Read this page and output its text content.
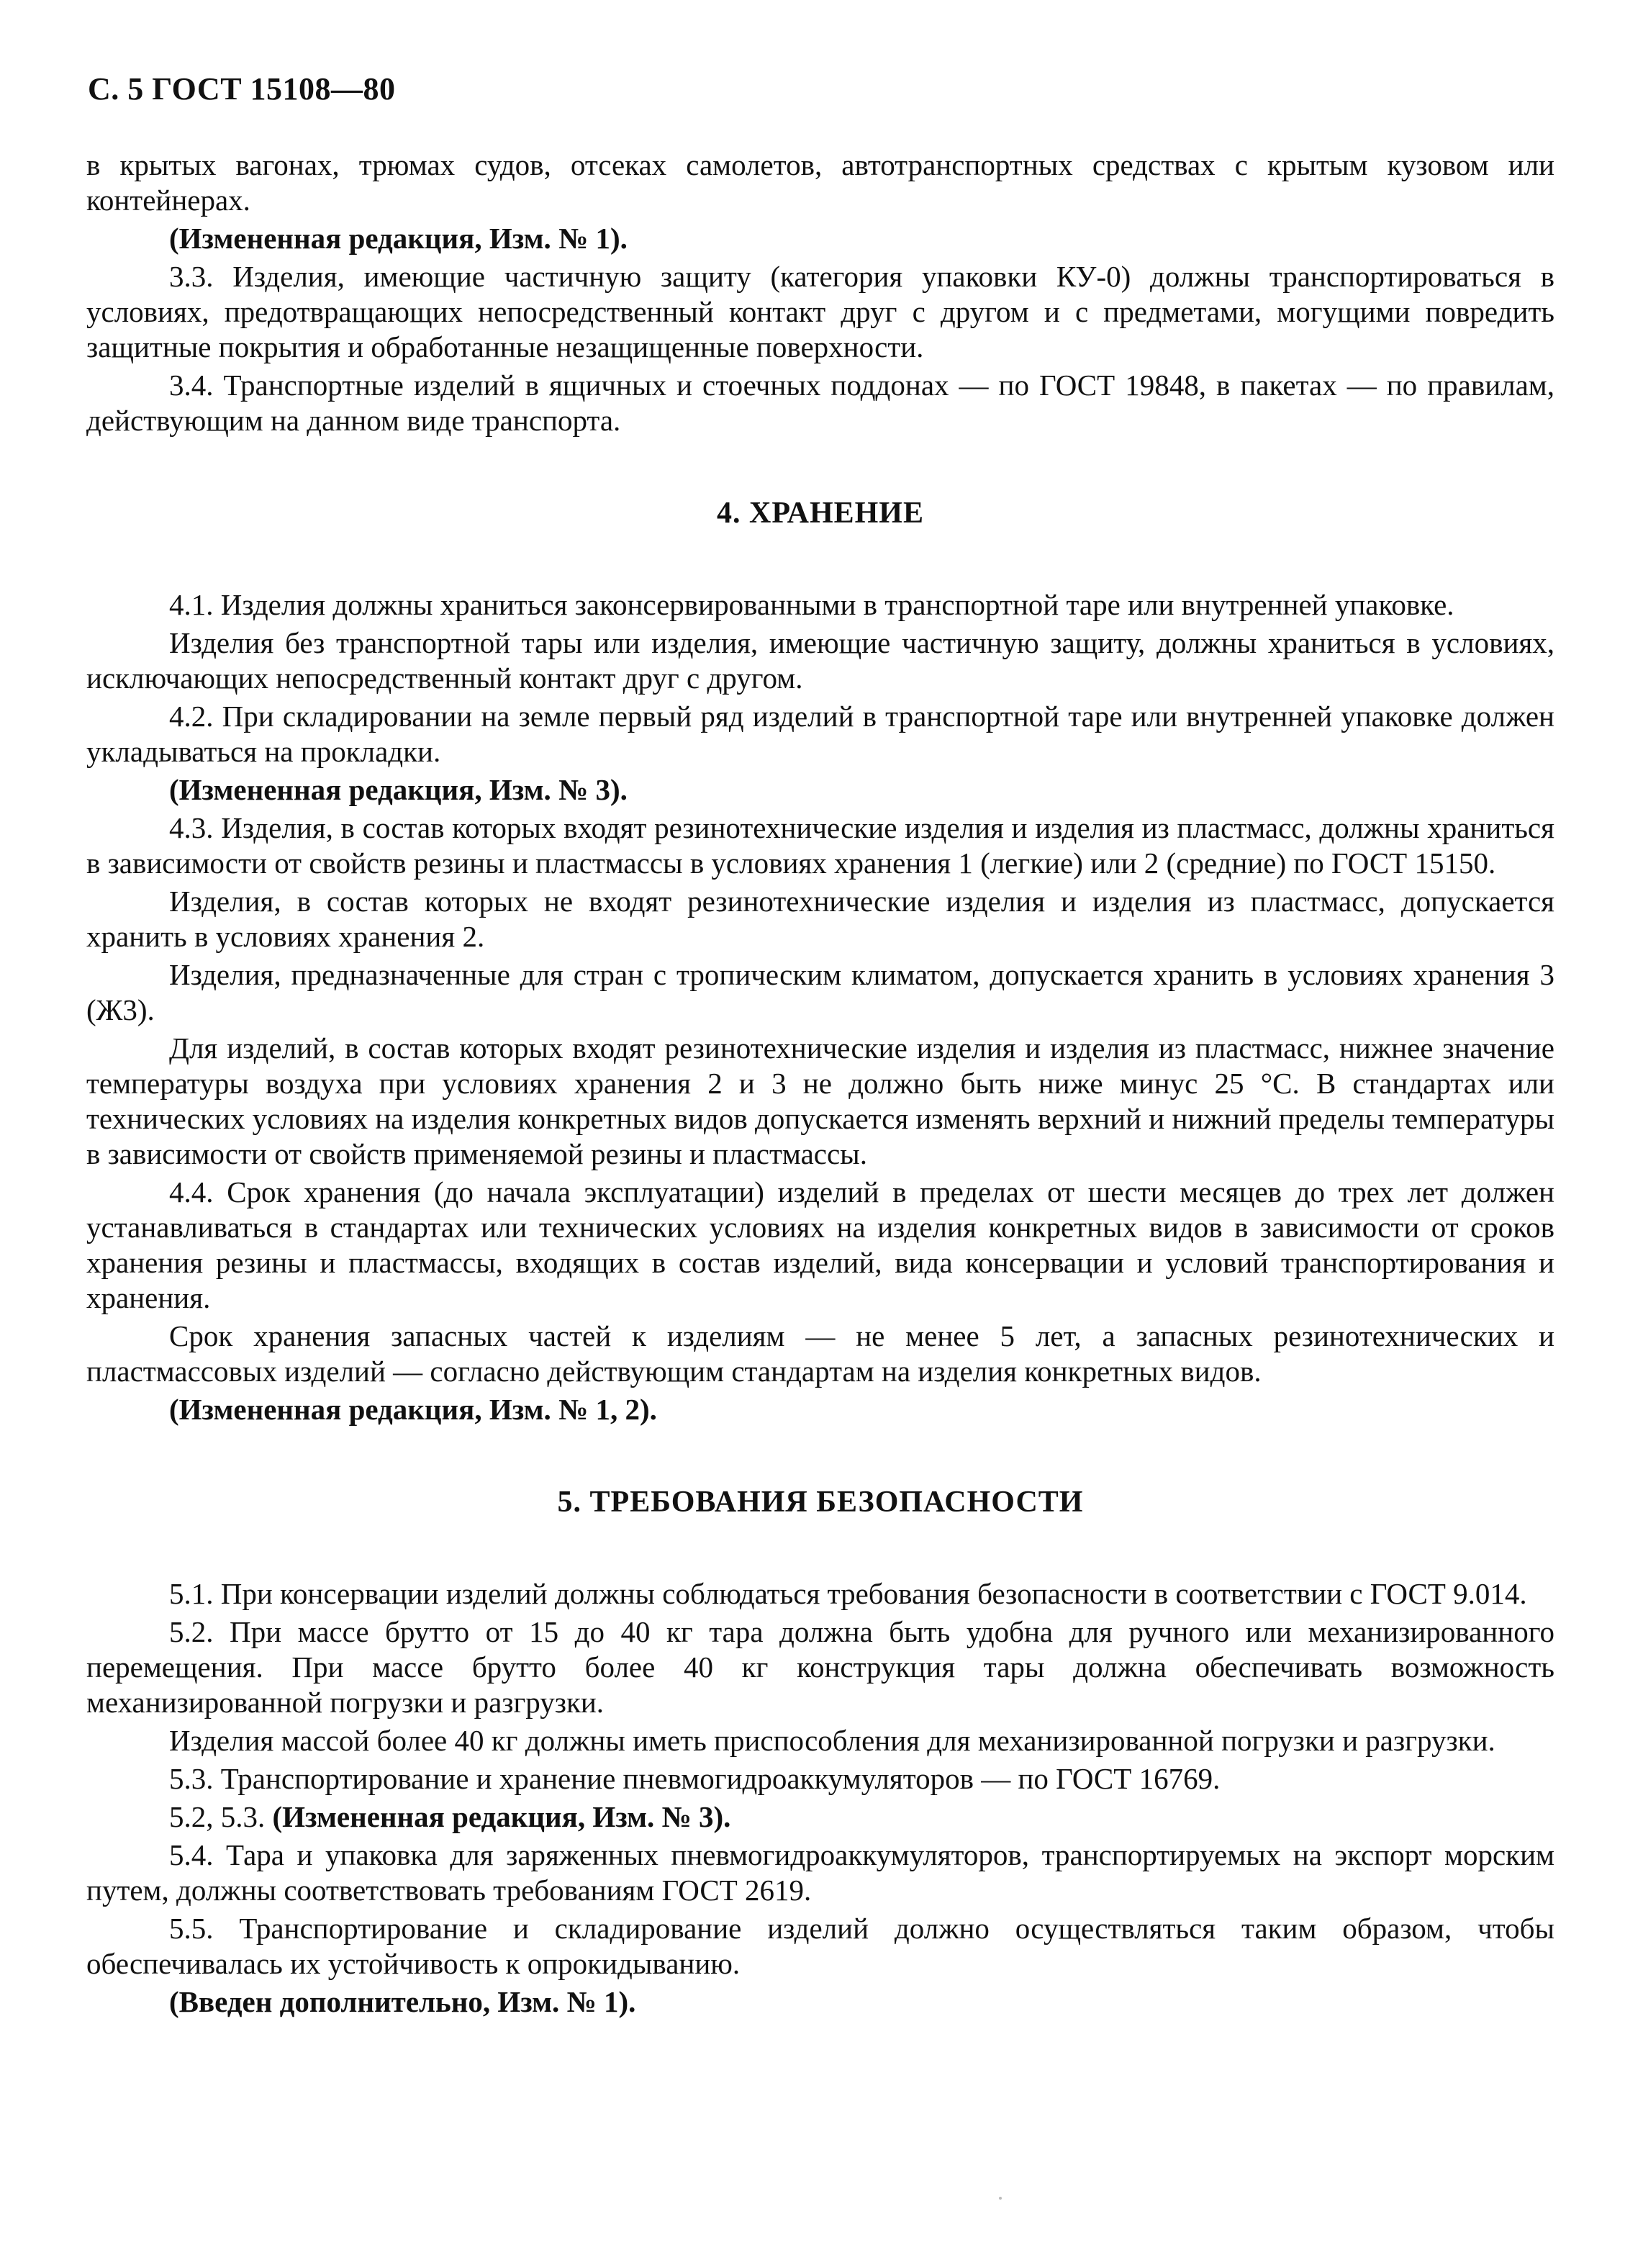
С. 5 ГОСТ 15108—80
в крытых вагонах, трюмах судов, отсеках самолетов, автотранспортных средствах с крытым кузовом или контейнерах.
(Измененная редакция, Изм. № 1).
3.3. Изделия, имеющие частичную защиту (категория упаковки КУ-0) должны транспортироваться в условиях, предотвращающих непосредственный контакт друг с другом и с предметами, могущими повредить защитные покрытия и обработанные незащищенные поверхности.
3.4. Транспортные изделий в ящичных и стоечных поддонах — по ГОСТ 19848, в пакетах — по правилам, действующим на данном виде транспорта.
4. ХРАНЕНИЕ
4.1. Изделия должны храниться законсервированными в транспортной таре или внутренней упаковке.
Изделия без транспортной тары или изделия, имеющие частичную защиту, должны храниться в условиях, исключающих непосредственный контакт друг с другом.
4.2. При складировании на земле первый ряд изделий в транспортной таре или внутренней упаковке должен укладываться на прокладки.
(Измененная редакция, Изм. № 3).
4.3. Изделия, в состав которых входят резинотехнические изделия и изделия из пластмасс, должны храниться в зависимости от свойств резины и пластмассы в условиях хранения 1 (легкие) или 2 (средние) по ГОСТ 15150.
Изделия, в состав которых не входят резинотехнические изделия и изделия из пластмасс, допускается хранить в условиях хранения 2.
Изделия, предназначенные для стран с тропическим климатом, допускается хранить в условиях хранения 3 (Ж3).
Для изделий, в состав которых входят резинотехнические изделия и изделия из пластмасс, нижнее значение температуры воздуха при условиях хранения 2 и 3 не должно быть ниже минус 25 °С. В стандартах или технических условиях на изделия конкретных видов допускается изменять верхний и нижний пределы температуры в зависимости от свойств применяемой резины и пластмассы.
4.4. Срок хранения (до начала эксплуатации) изделий в пределах от шести месяцев до трех лет должен устанавливаться в стандартах или технических условиях на изделия конкретных видов в зависимости от сроков хранения резины и пластмассы, входящих в состав изделий, вида консервации и условий транспортирования и хранения.
Срок хранения запасных частей к изделиям — не менее 5 лет, а запасных резинотехнических и пластмассовых изделий — согласно действующим стандартам на изделия конкретных видов.
(Измененная редакция, Изм. № 1, 2).
5. ТРЕБОВАНИЯ БЕЗОПАСНОСТИ
5.1. При консервации изделий должны соблюдаться требования безопасности в соответствии с ГОСТ 9.014.
5.2. При массе брутто от 15 до 40 кг тара должна быть удобна для ручного или механизированного перемещения. При массе брутто более 40 кг конструкция тары должна обеспечивать возможность механизированной погрузки и разгрузки.
Изделия массой более 40 кг должны иметь приспособления для механизированной погрузки и разгрузки.
5.3. Транспортирование и хранение пневмогидроаккумуляторов — по ГОСТ 16769.
5.2, 5.3. (Измененная редакция, Изм. № 3).
5.4. Тара и упаковка для заряженных пневмогидроаккумуляторов, транспортируемых на экспорт морским путем, должны соответствовать требованиям ГОСТ 2619.
5.5. Транспортирование и складирование изделий должно осуществляться таким образом, чтобы обеспечивалась их устойчивость к опрокидыванию.
(Введен дополнительно, Изм. № 1).
